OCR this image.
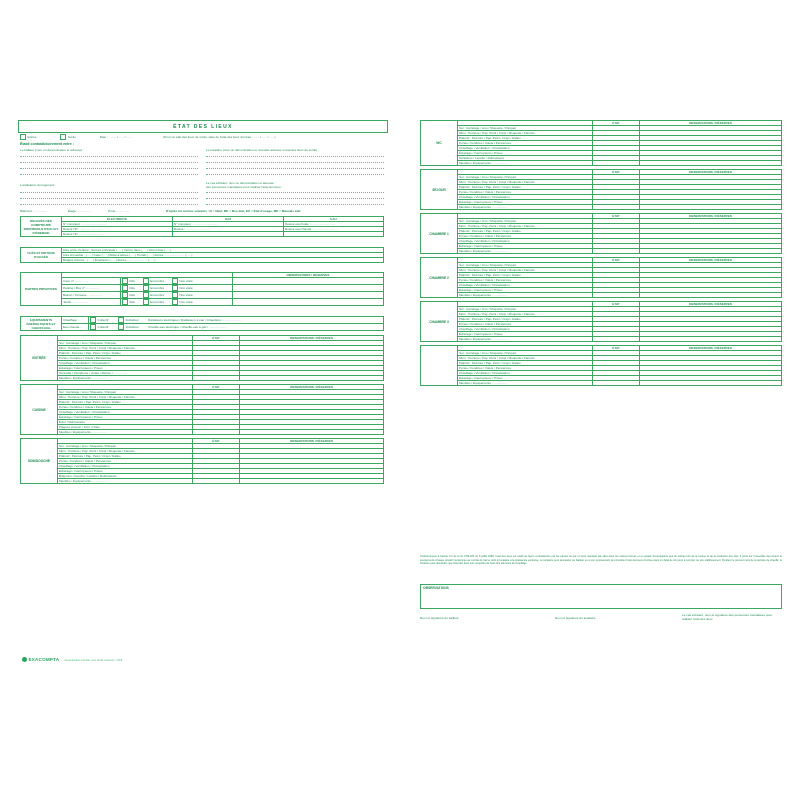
ÉTAT DES LIEUX
Entrée	Sortie	Date : ...... / ...... / ......	(Pour un état des lieux de sortie, date de l'état des lieux d'entrée : ...... / ...... / ......)
Établi contradictoirement entre :
Le bailleur (nom ou dénomination et adresse) :	Le locataire (nom ou dénomination et nouvelle adresse si état des lieux de sortie) :
Localisation du logement :	Le cas échéant, nom ou dénomination et adresse
des personnes mandatées pour réaliser l'état des lieux :
Bâtiment : ..............	Étage : ..............	Porte : ..............	D'après les termes suivants : N = Neuf, BE = Bon état, EU = État d'usage, ME = Mauvais état
RELEVÉS DES COMPTEURS INDIVIDUELS D'EAU ET D'ÉNERGIE	ÉLECTRICITÉ	GAZ	EAU
	N° compteur : ............................	N° compteur : ............................	Relevé eau froide : ............................
	Relevé HP : ............................	Relevé : ............................	Relevé eau chaude : ............................
	Relevé HC : ............................		
CLÉS ET MOYENS D'ACCÈS	Clés porte d'entrée : Serrure principale (......) Verrou haut (......) Verrou bas (......)
Clés immeuble : (......) Cave (......) Boîte à lettres (......) Portail (......) Autres ........................ (......)
Badges d'accès : (......) Émetteurs (......) Autres ........................ (......)
PARTIES PRIVATIVES			OBSERVATIONS / RÉSERVES
	Cave n° ................	Vide Encombré Non visité	
	Parking / Box n° ................	Vide Encombré Non visité	
	Balcon / Terrasse : ................	Vide Encombré Non visité	
	Jardin : ................	Vide Encombré Non visité	
ÉQUIPEMENTS ÉNERGÉTIQUES ET CHAUFFAGE	Chauffage :	Collectif Individuel Radiateurs électriques / Radiateurs à eau / Chaudière / .....................
	Eau chaude :	Collectif Individuel Chauffe-eau électrique / Chauffe-eau à gaz / .....................
ENTRÉE		ÉTAT	OBSERVATIONS / RÉSERVES
	Sol : Carrelage / Lino / Moquette / Parquet		
	Murs : Peinture / Pap. Peint / Crépi / Moquette / Faïence		
	Plafond : Peinture / Pap. Peint / Crépi / Dalles		
	Portes / Fenêtres / Volets / Persiennes		
	Chauffage / Ventilation / Climatisation		
	Éclairage / Interrupteurs / Prises		
	Sonnette / Interphone / Judas / Alarme / ................		
	Meubles / Équipements : ................		
CUISINE		ÉTAT	OBSERVATIONS / RÉSERVES
	Sol : Carrelage / Lino / Moquette / Parquet		
	Murs : Peinture / Pap. Peint / Crépi / Moquette / Faïence		
	Plafond : Peinture / Pap. Peint / Crépi / Dalles		
	Portes / Fenêtres / Volets / Persiennes		
	Chauffage / Ventilation / Climatisation		
	Éclairage / Interrupteurs / Prises		
	Évier / Robinetterie		
	Plaques cuisson / Four / Hotte		
	Meubles / Équipements : ................		
SDB/DOUCHE		ÉTAT	OBSERVATIONS / RÉSERVES
	Sol : Carrelage / Lino / Moquette / Parquet		
	Murs : Peinture / Pap. Peint / Crépi / Moquette / Faïence		
	Plafond : Peinture / Pap. Peint / Crépi / Dalles		
	Portes / Fenêtres / Volets / Persiennes		
	Chauffage / Ventilation / Climatisation		
	Éclairage / Interrupteurs / Prises		
	Baignoire / Douche / Lavabo / Robinetterie		
	Meubles / Équipements : ................		
WC		ÉTAT	OBSERVATIONS / RÉSERVES
	Sol : Carrelage / Lino / Moquette / Parquet		
	Murs : Peinture / Pap. Peint / Crépi / Moquette / Faïence		
	Plafond : Peinture / Pap. Peint / Crépi / Dalles		
	Portes / Fenêtres / Volets / Persiennes		
	Chauffage / Ventilation / Climatisation		
	Éclairage / Interrupteurs / Prises		
	Sanitaires / Lavabo / Robinetterie		
	Meubles / Équipements : ................		
SÉJOUR		ÉTAT	OBSERVATIONS / RÉSERVES
	Sol : Carrelage / Lino / Moquette / Parquet		
	Murs : Peinture / Pap. Peint / Crépi / Moquette / Faïence		
	Plafond : Peinture / Pap. Peint / Crépi / Dalles		
	Portes / Fenêtres / Volets / Persiennes		
	Chauffage / Ventilation / Climatisation		
	Éclairage / Interrupteurs / Prises		
	Meubles / Équipements : ................		
CHAMBRE 1		ÉTAT	OBSERVATIONS / RÉSERVES
	Sol : Carrelage / Lino / Moquette / Parquet		
	Murs : Peinture / Pap. Peint / Crépi / Moquette / Faïence		
	Plafond : Peinture / Pap. Peint / Crépi / Dalles		
	Portes / Fenêtres / Volets / Persiennes		
	Chauffage / Ventilation / Climatisation		
	Éclairage / Interrupteurs / Prises		
	Meubles / Équipements : ................		
CHAMBRE 2		ÉTAT	OBSERVATIONS / RÉSERVES
	Sol : Carrelage / Lino / Moquette / Parquet		
	Murs : Peinture / Pap. Peint / Crépi / Moquette / Faïence		
	Plafond : Peinture / Pap. Peint / Crépi / Dalles		
	Portes / Fenêtres / Volets / Persiennes		
	Chauffage / Ventilation / Climatisation		
	Éclairage / Interrupteurs / Prises		
	Meubles / Équipements : ................		
CHAMBRE 3		ÉTAT	OBSERVATIONS / RÉSERVES
	Sol : Carrelage / Lino / Moquette / Parquet		
	Murs : Peinture / Pap. Peint / Crépi / Moquette / Faïence		
	Plafond : Peinture / Pap. Peint / Crépi / Dalles		
	Portes / Fenêtres / Volets / Persiennes		
	Chauffage / Ventilation / Climatisation		
	Éclairage / Interrupteurs / Prises		
	Meubles / Équipements : ................		
		ÉTAT	OBSERVATIONS / RÉSERVES
	Sol : Carrelage / Lino / Moquette / Parquet		
	Murs : Peinture / Pap. Peint / Crépi / Moquette / Faïence		
	Plafond : Peinture / Pap. Peint / Crépi / Dalles		
	Portes / Fenêtres / Volets / Persiennes		
	Chauffage / Ventilation / Climatisation		
	Éclairage / Interrupteurs / Prises		
	Meubles / Équipements : ................		
Conformément à l'article 3-2 de la loi n°89-462 du 6 juillet 1989, l'état des lieux est établi de façon contradictoire par les parties ou par un tiers mandaté par elles dans les mêmes formes et en autant d'exemplaires que de parties lors de la remise et de la restitution des clés. Il porte sur l'ensemble des locaux et équipements d'usage privatif mentionnés au contrat de bail et dont le locataire a la jouissance exclusive. Le locataire peut demander au bailleur ou à son représentant de compléter l'état des lieux d'entrée dans un délai de dix jours à compter de son établissement. Pendant le premier mois de la période de chauffe, le locataire peut demander que l'état des lieux soit complété par l'état des éléments de chauffage.
OBSERVATIONS
Nom et signature du bailleur	Nom et signature du locataire
Le cas échéant, nom et signature des personnes mandatées pour réaliser l'état des lieux
EXACOMPTA Reproduction interdite, tous droits réservés - 2019
